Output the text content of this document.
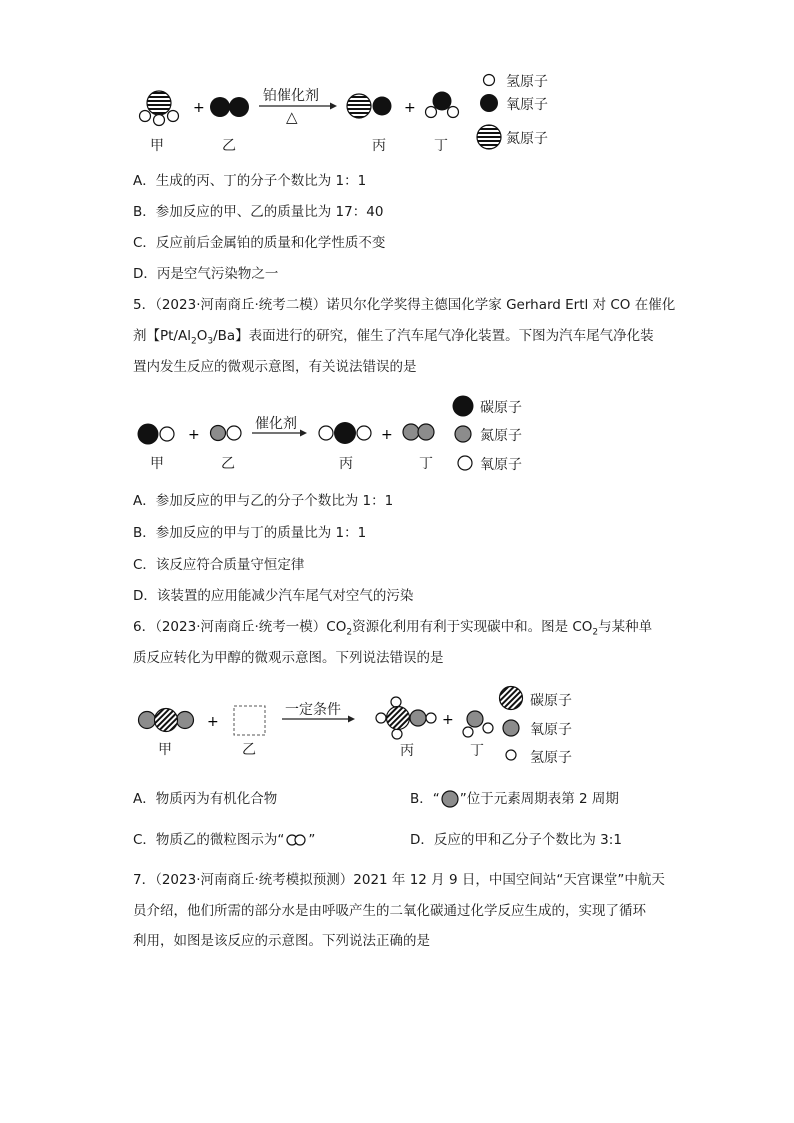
+	+
+	+
+	+
甲	乙	丙	丁
铂催化剂
△
氢原子
氧原子
氮原子
A．生成的丙、丁的分子个数比为 1：1
B．参加反应的甲、乙的质量比为 17：40
C．反应前后金属铂的质量和化学性质不变
D．丙是空气污染物之一
5．（2023·河南商丘·统考二模）诺贝尔化学奖得主德国化学家 Gerhard Ertl 对 CO 在催化
剂【$Pt/Al_2O_3/Ba$】表面进行的研究，催生了汽车尾气净化装置。下图为汽车尾气净化装
置内发生反应的微观示意图，有关说法错误的是
甲	乙	丙	丁
催化剂
碳原子
氮原子
氧原子
A．参加反应的甲与乙的分子个数比为 1：1
B．参加反应的甲与丁的质量比为 1：1
C．该反应符合质量守恒定律
D．该装置的应用能减少汽车尾气对空气的污染
6．（2023·河南商丘·统考一模）$CO_2$资源化利用有利于实现碳中和。图是 $CO_2$与某种单
质反应转化为甲醇的微观示意图。下列说法错误的是
甲	乙	丙	丁
一定条件
碳原子
氧原子
氢原子
A．物质丙为有机化合物	B．“ ”位于元素周期表第 2 周期
C．物质乙的微粒图示为“ ”	D．反应的甲和乙分子个数比为 3:1
7．（2023·河南商丘·统考模拟预测）2021 年 12 月 9 日，中国空间站“天宫课堂”中航天
员介绍，他们所需的部分水是由呼吸产生的二氧化碳通过化学反应生成的，实现了循环
利用，如图是该反应的示意图。下列说法正确的是
